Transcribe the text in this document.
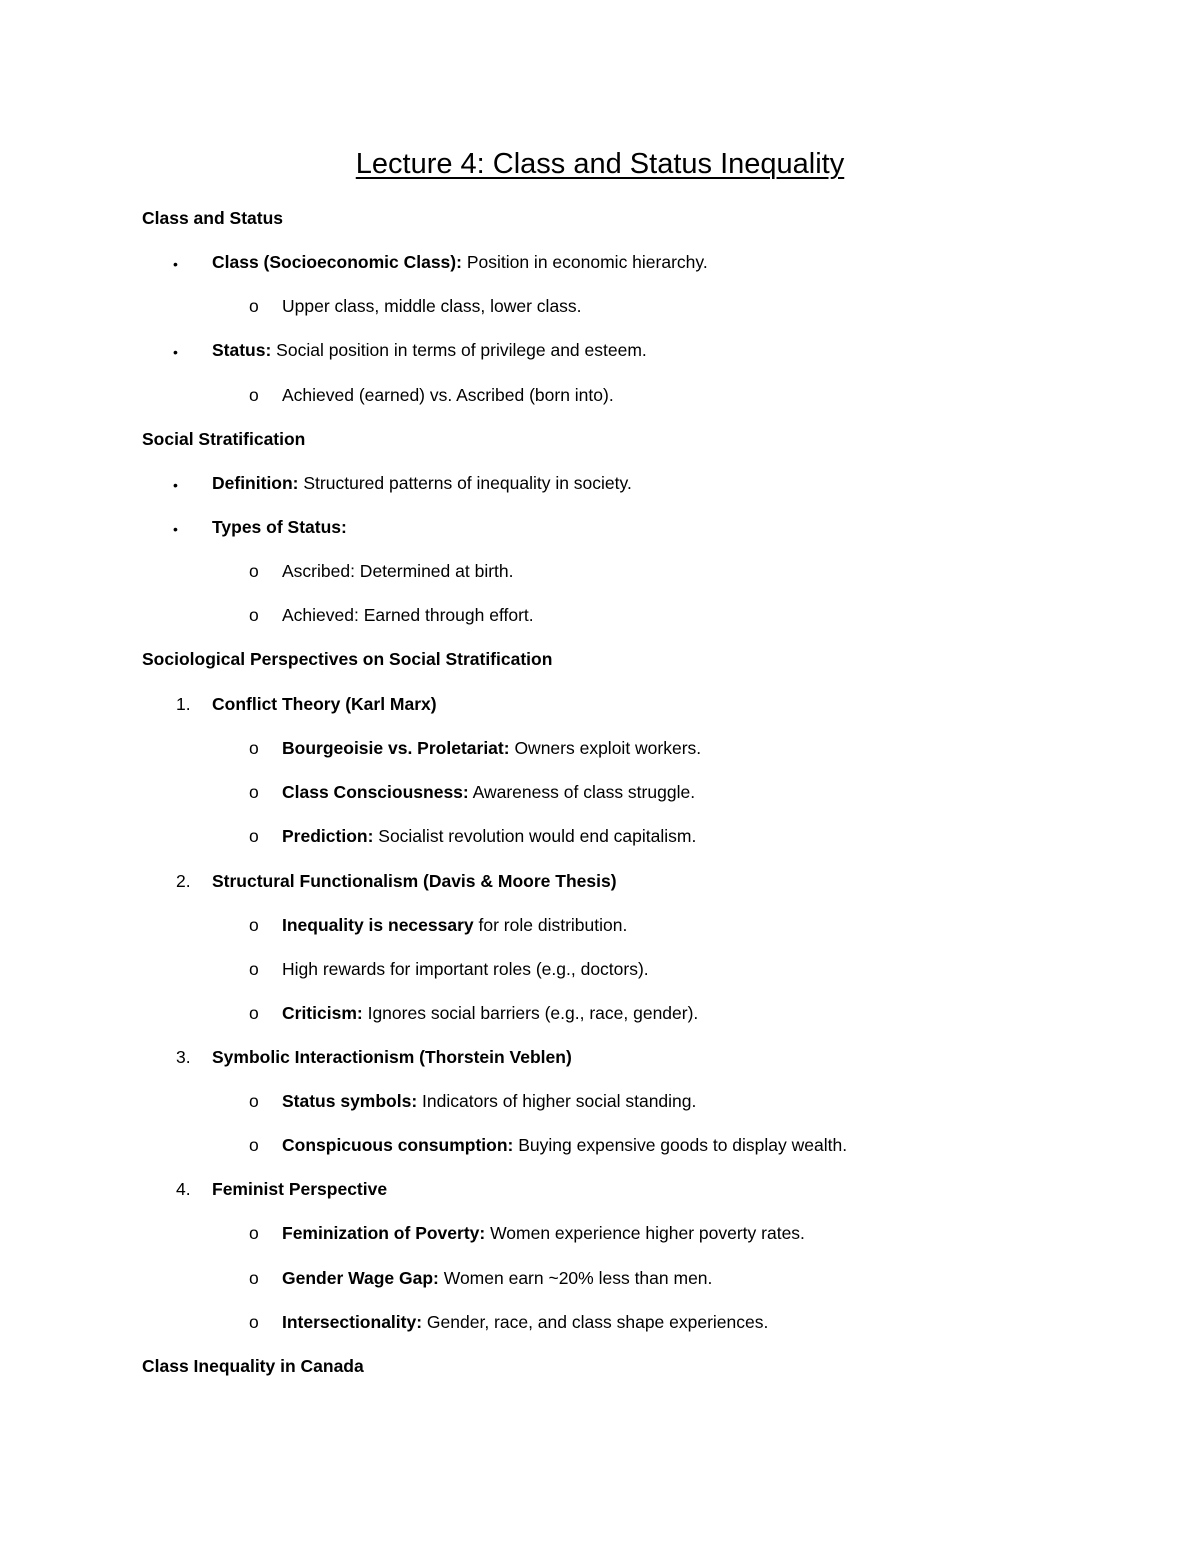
Lecture 4: Class and Status Inequality
Class and Status
• Class (Socioeconomic Class): Position in economic hierarchy.
o Upper class, middle class, lower class.
• Status: Social position in terms of privilege and esteem.
o Achieved (earned) vs. Ascribed (born into).
Social Stratification
• Definition: Structured patterns of inequality in society.
• Types of Status:
o Ascribed: Determined at birth.
o Achieved: Earned through effort.
Sociological Perspectives on Social Stratification
1. Conflict Theory (Karl Marx)
o Bourgeoisie vs. Proletariat: Owners exploit workers.
o Class Consciousness: Awareness of class struggle.
o Prediction: Socialist revolution would end capitalism.
2. Structural Functionalism (Davis & Moore Thesis)
o Inequality is necessary for role distribution.
o High rewards for important roles (e.g., doctors).
o Criticism: Ignores social barriers (e.g., race, gender).
3. Symbolic Interactionism (Thorstein Veblen)
o Status symbols: Indicators of higher social standing.
o Conspicuous consumption: Buying expensive goods to display wealth.
4. Feminist Perspective
o Feminization of Poverty: Women experience higher poverty rates.
o Gender Wage Gap: Women earn ~20% less than men.
o Intersectionality: Gender, race, and class shape experiences.
Class Inequality in Canada
